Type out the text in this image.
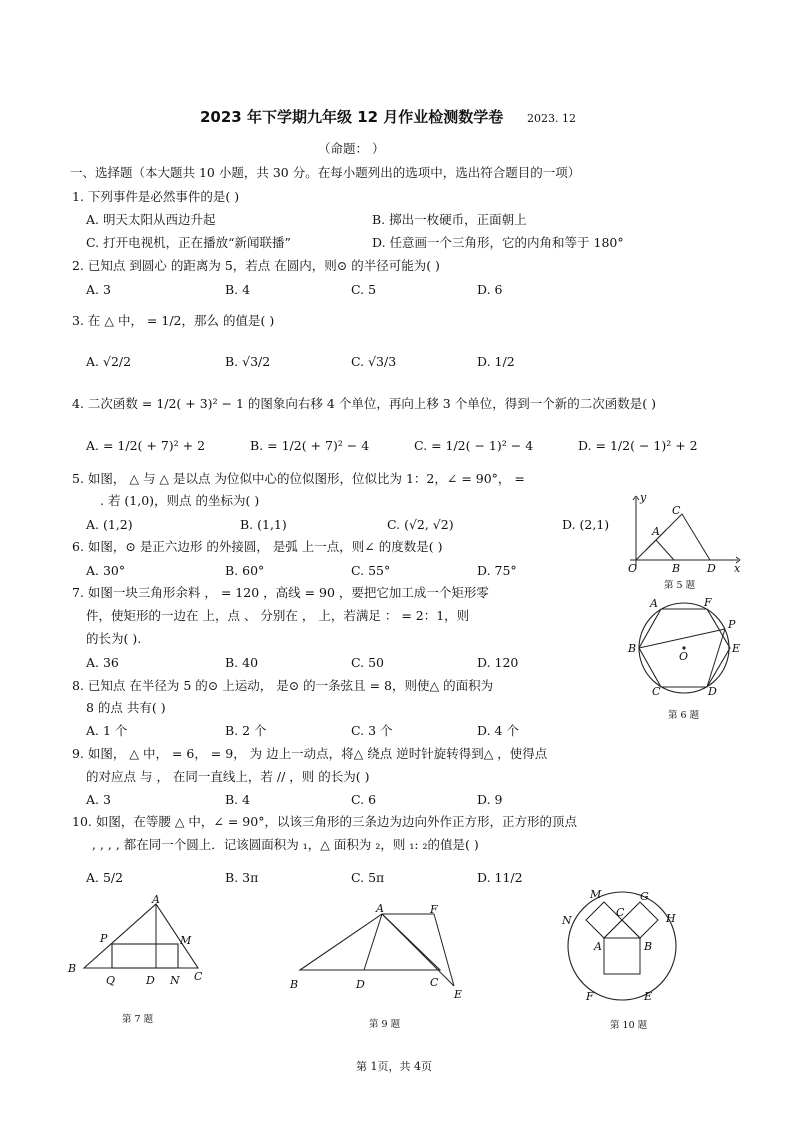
2023 年下学期九年级 12 月作业检测数学卷 2023. 12
（命题： ）
一、选择题（本大题共 10 小题，共 30 分。在每小题列出的选项中，选出符合题目的一项）
1. 下列事件是必然事件的是( )
A. 明天太阳从西边升起	B. 掷出一枚硬币，正面朝上
C. 打开电视机，正在播放“新闻联播”	D. 任意画一个三角形，它的内角和等于 180°
2. 已知点 到圆心 的距离为 5，若点 在圆内，则⊙ 的半径可能为( )
A. 3	B. 4	C. 5	D. 6
3. 在 △ 中， = 1/2，那么 的值是( )
A. √2/2	B. √3/2	C. √3/3	D. 1/2
4. 二次函数 = 1/2( + 3)² − 1 的图象向右移 4 个单位，再向上移 3 个单位，得到一个新的二次函数是( )
A. = 1/2( + 7)² + 2	B. = 1/2( + 7)² − 4	C. = 1/2( − 1)² − 4	D. = 1/2( − 1)² + 2
5. 如图， △ 与 △ 是以点 为位似中心的位似图形，位似比为 1：2，∠ = 90°， =
. 若 (1,0)，则点 的坐标为( )
A. (1,2)	B. (1,1)	C. (√2, √2)	D. (2,1)
6. 如图，⊙ 是正六边形 的外接圆， 是弧 上一点，则∠ 的度数是( )
A. 30°	B. 60°	C. 55°	D. 75°
7. 如图一块三角形余料 ， = 120 ，高线 = 90 ，要把它加工成一个矩形零
件，使矩形的一边在 上，点 、 分别在 ， 上，若满足 ： = 2：1，则
的长为( ).
A. 36	B. 40	C. 50	D. 120
8. 已知点 在半径为 5 的⊙ 上运动， 是⊙ 的一条弦且 = 8，则使△ 的面积为
8 的点 共有( )
A. 1 个	B. 2 个	C. 3 个	D. 4 个
9. 如图， △ 中， = 6， = 9， 为 边上一动点，将△ 绕点 逆时针旋转得到△ ，使得点
的对应点 与 ， 在同一直线上，若 // ，则 的长为( )
A. 3	B. 4	C. 6	D. 9
10. 如图，在等腰 △ 中，∠ = 90°，以该三角形的三条边为边向外作正方形，正方形的顶点
, , , , 都在同一个圆上．记该圆面积为 ₁，△ 面积为 ₂，则 ₁: ₂的值是( )
A. 5/2	B. 3π	C. 5π	D. 11/2
y
C
A
O	B D x
第 5 题
A	F
P
B	E
O
C	D
第 6 题
A
P	M
B
Q	D N C
第 7 题
A	F
B	D	C
E
第 9 题
M	G
C
N	H
A	B
F	E
第 10 题
第 1页，共 4页
